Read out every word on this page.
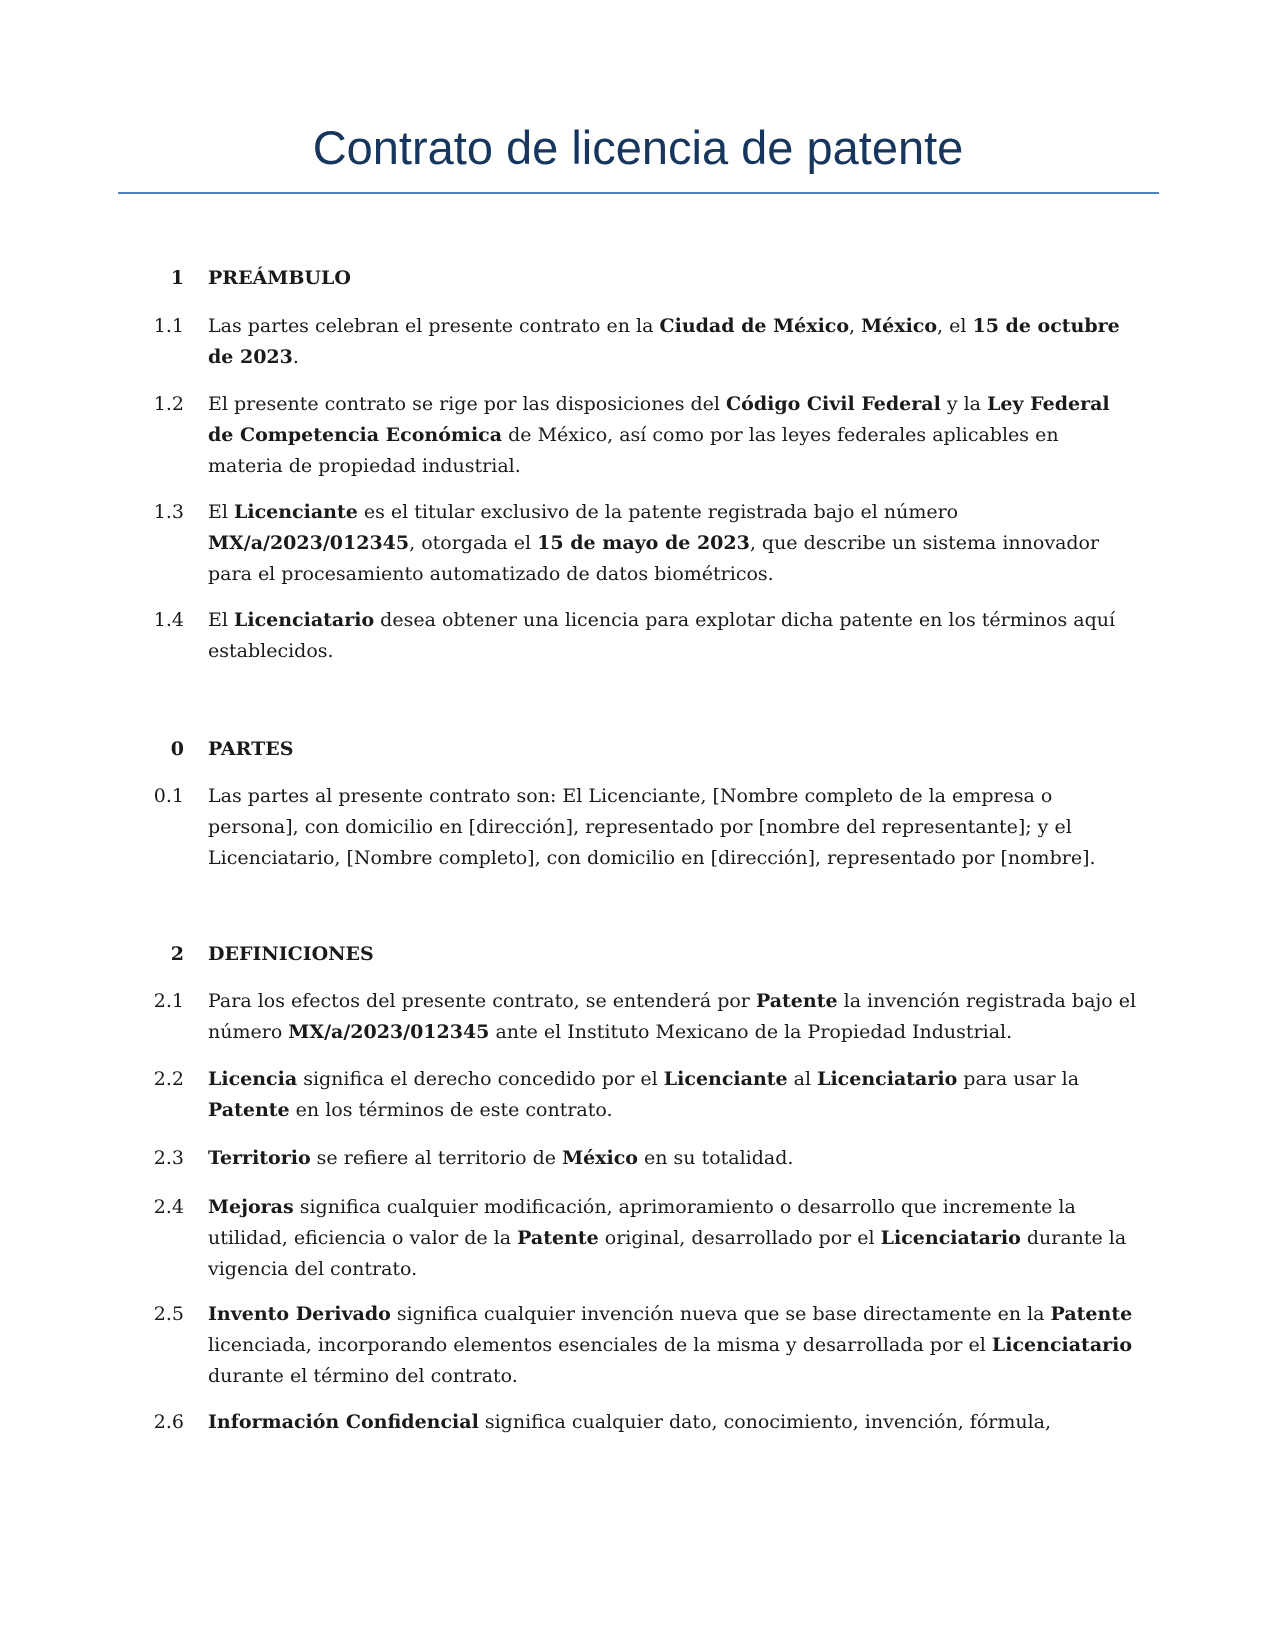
Contrato de licencia de patente
1 PREÁMBULO
1.1 Las partes celebran el presente contrato en la Ciudad de México, México, el 15 de octubre de 2023.
1.2 El presente contrato se rige por las disposiciones del Código Civil Federal y la Ley Federal de Competencia Económica de México, así como por las leyes federales aplicables en materia de propiedad industrial.
1.3 El Licenciante es el titular exclusivo de la patente registrada bajo el número MX/a/2023/012345, otorgada el 15 de mayo de 2023, que describe un sistema innovador para el procesamiento automatizado de datos biométricos.
1.4 El Licenciatario desea obtener una licencia para explotar dicha patente en los términos aquí establecidos.
0 PARTES
0.1 Las partes al presente contrato son: El Licenciante, [Nombre completo de la empresa o persona], con domicilio en [dirección], representado por [nombre del representante]; y el Licenciatario, [Nombre completo], con domicilio en [dirección], representado por [nombre].
2 DEFINICIONES
2.1 Para los efectos del presente contrato, se entenderá por Patente la invención registrada bajo el número MX/a/2023/012345 ante el Instituto Mexicano de la Propiedad Industrial.
2.2 Licencia significa el derecho concedido por el Licenciante al Licenciatario para usar la Patente en los términos de este contrato.
2.3 Territorio se refiere al territorio de México en su totalidad.
2.4 Mejoras significa cualquier modificación, aprimoramiento o desarrollo que incremente la utilidad, eficiencia o valor de la Patente original, desarrollado por el Licenciatario durante la vigencia del contrato.
2.5 Invento Derivado significa cualquier invención nueva que se base directamente en la Patente licenciada, incorporando elementos esenciales de la misma y desarrollada por el Licenciatario durante el término del contrato.
2.6 Información Confidencial significa cualquier dato, conocimiento, invención, fórmula,
